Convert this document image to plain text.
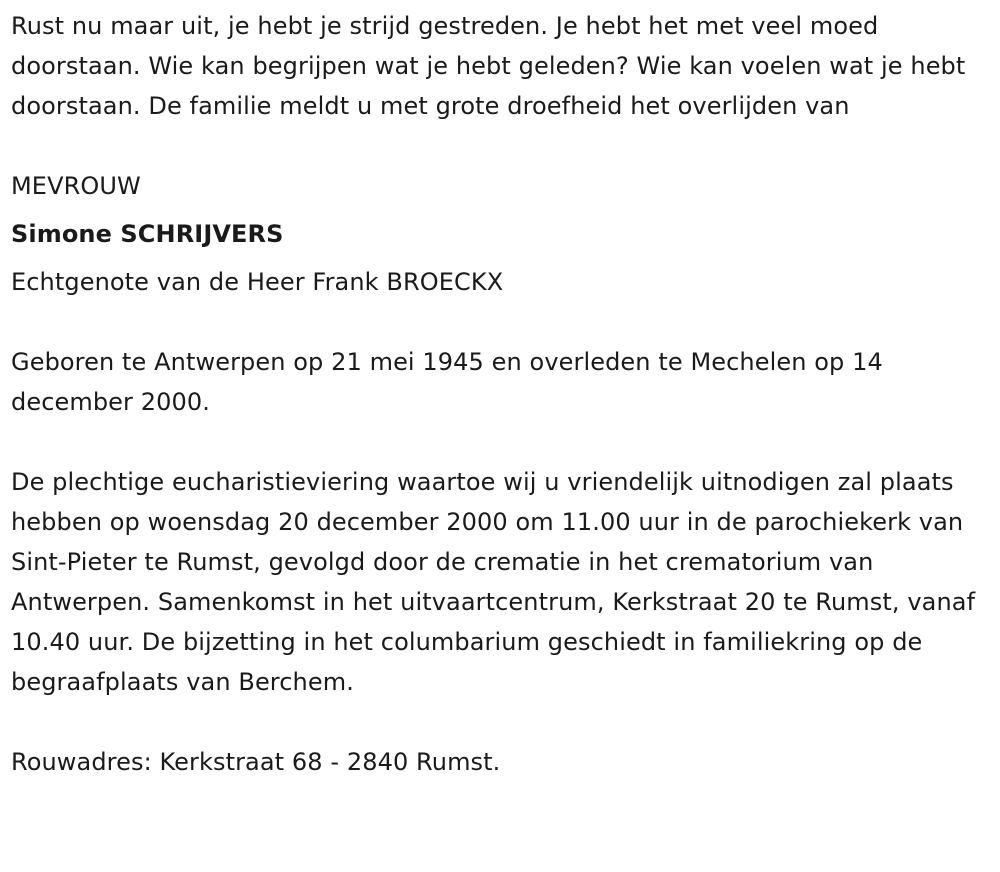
Rust nu maar uit, je hebt je strijd gestreden. Je hebt het met veel moed doorstaan. Wie kan begrijpen wat je hebt geleden? Wie kan voelen wat je hebt doorstaan. De familie meldt u met grote droefheid het overlijden van

MEVROUW

Simone SCHRIJVERS

Echtgenote van de Heer Frank BROECKX

Geboren te Antwerpen op 21 mei 1945 en overleden te Mechelen op 14 december 2000.

De plechtige eucharistieviering waartoe wij u vriendelijk uitnodigen zal plaats hebben op woensdag 20 december 2000 om 11.00 uur in de parochiekerk van Sint-Pieter te Rumst, gevolgd door de crematie in het crematorium van Antwerpen. Samenkomst in het uitvaartcentrum, Kerkstraat 20 te Rumst, vanaf 10.40 uur. De bijzetting in het columbarium geschiedt in familiekring op de begraafplaats van Berchem.

Rouwadres: Kerkstraat 68 - 2840 Rumst.
